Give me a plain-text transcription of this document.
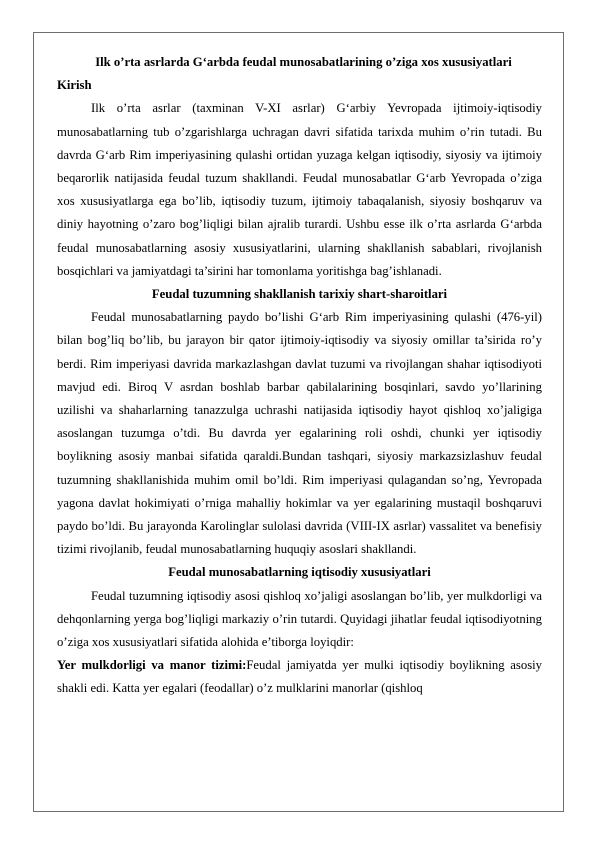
Ilk o’rta asrlarda G‘arbda feudal munosabatlarining o’ziga xos xususiyatlari

Kirish

Ilk o’rta asrlar (taxminan V-XI asrlar) G‘arbiy Yevropada ijtimoiy-iqtisodiy munosabatlarning tub o’zgarishlarga uchragan davri sifatida tarixda muhim o’rin tutadi. Bu davrda G‘arb Rim imperiyasining qulashi ortidan yuzaga kelgan iqtisodiy, siyosiy va ijtimoiy beqarorlik natijasida feudal tuzum shakllandi. Feudal munosabatlar G‘arb Yevropada o’ziga xos xususiyatlarga ega bo’lib, iqtisodiy tuzum, ijtimoiy tabaqalanish, siyosiy boshqaruv va diniy hayotning o’zaro bog’liqligi bilan ajralib turardi. Ushbu esse ilk o’rta asrlarda G‘arbda feudal munosabatlarning asosiy xususiyatlarini, ularning shakllanish sabablari, rivojlanish bosqichlari va jamiyatdagi ta’sirini har tomonlama yoritishga bag’ishlanadi.

Feudal tuzumning shakllanish tarixiy shart-sharoitlari

Feudal munosabatlarning paydo bo’lishi G‘arb Rim imperiyasining qulashi (476-yil) bilan bog’liq bo’lib, bu jarayon bir qator ijtimoiy-iqtisodiy va siyosiy omillar ta’sirida ro’y berdi. Rim imperiyasi davrida markazlashgan davlat tuzumi va rivojlangan shahar iqtisodiyoti mavjud edi. Biroq V asrdan boshlab barbar qabilalarining bosqinlari, savdo yo’llarining uzilishi va shaharlarning tanazzulga uchrashi natijasida iqtisodiy hayot qishloq xo’jaligiga asoslangan tuzumga o’tdi. Bu davrda yer egalarining roli oshdi, chunki yer iqtisodiy boylikning asosiy manbai sifatida qaraldi.Bundan tashqari, siyosiy markazsizlashuv feudal tuzumning shakllanishida muhim omil bo’ldi. Rim imperiyasi qulagandan so’ng, Yevropada yagona davlat hokimiyati o’rniga mahalliy hokimlar va yer egalarining mustaqil boshqaruvi paydo bo’ldi. Bu jarayonda Karolinglar sulolasi davrida (VIII-IX asrlar) vassalitet va benefisiy tizimi rivojlanib, feudal munosabatlarning huquqiy asoslari shakllandi.

Feudal munosabatlarning iqtisodiy xususiyatlari

Feudal tuzumning iqtisodiy asosi qishloq xo’jaligi asoslangan bo’lib, yer mulkdorligi va dehqonlarning yerga bog’liqligi markaziy o’rin tutardi. Quyidagi jihatlar feudal iqtisodiyotning o’ziga xos xususiyatlari sifatida alohida e’tiborga loyiqdir:

Yer mulkdorligi va manor tizimi:Feudal jamiyatda yer mulki iqtisodiy boylikning asosiy shakli edi. Katta yer egalari (feodallar) o’z mulklarini manorlar (qishloq
